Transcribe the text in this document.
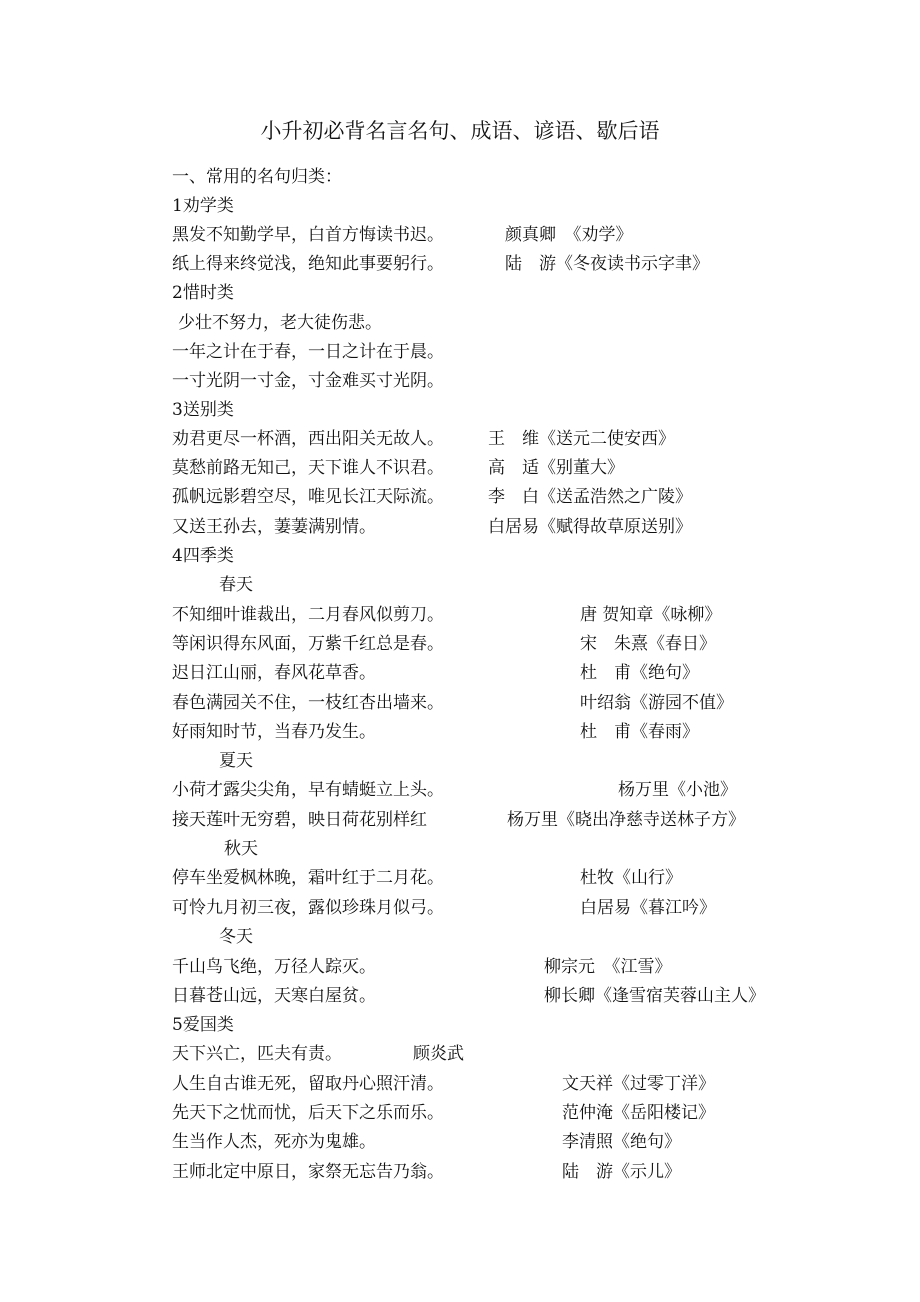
小升初必背名言名句、成语、谚语、歇后语
一、常用的名句归类：
1劝学类
黑发不知勤学早，白首方悔读书迟。	颜真卿　《劝学》
纸上得来终觉浅，绝知此事要躬行。	陆　游《冬夜读书示字聿》
2惜时类
少壮不努力，老大徒伤悲。
一年之计在于春，一日之计在于晨。
一寸光阴一寸金，寸金难买寸光阴。
3送别类
劝君更尽一杯酒，西出阳关无故人。	王　维《送元二使安西》
莫愁前路无知己，天下谁人不识君。	高　适《别董大》
孤帆远影碧空尽，唯见长江天际流。	李　白《送孟浩然之广陵》
又送王孙去，萋萋满别情。	白居易《赋得故草原送别》
4四季类
春天
不知细叶谁裁出，二月春风似剪刀。	唐 贺知章《咏柳》
等闲识得东风面，万紫千红总是春。	宋　朱熹《春日》
迟日江山丽，春风花草香。	杜　甫《绝句》
春色满园关不住，一枝红杏出墙来。	叶绍翁《游园不值》
好雨知时节，当春乃发生。	杜　甫《春雨》
夏天
小荷才露尖尖角，早有蜻蜓立上头。	杨万里《小池》
接天莲叶无穷碧，映日荷花别样红	杨万里《晓出净慈寺送林子方》
秋天
停车坐爱枫林晚，霜叶红于二月花。	杜牧《山行》
可怜九月初三夜，露似珍珠月似弓。	白居易《暮江吟》
冬天
千山鸟飞绝，万径人踪灭。	柳宗元　《江雪》
日暮苍山远，天寒白屋贫。	柳长卿《逢雪宿芙蓉山主人》
5爱国类
天下兴亡，匹夫有责。	顾炎武
人生自古谁无死，留取丹心照汗清。	文天祥《过零丁洋》
先天下之忧而忧，后天下之乐而乐。	范仲淹《岳阳楼记》
生当作人杰，死亦为鬼雄。	李清照《绝句》
王师北定中原日，家祭无忘告乃翁。	陆　游《示儿》
